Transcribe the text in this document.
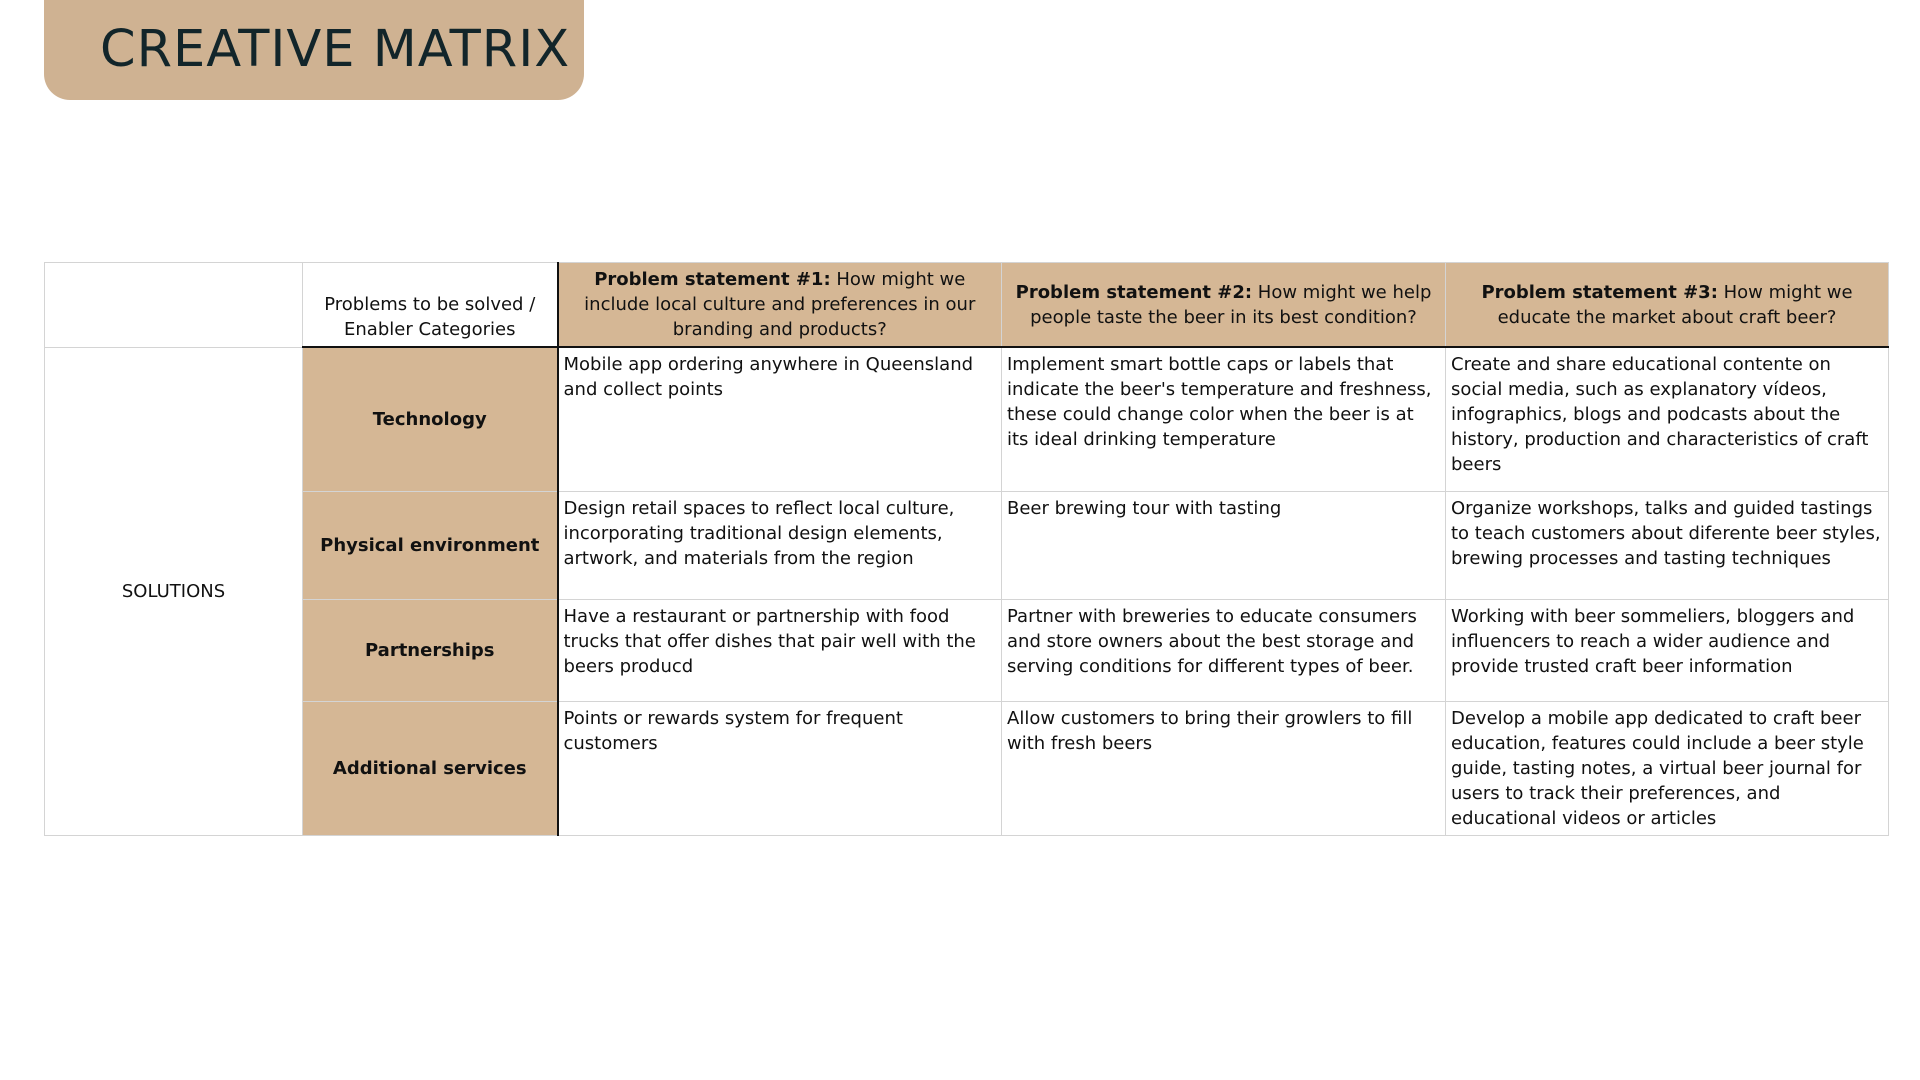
CREATIVE MATRIX
	Problems to be solved / Enabler Categories	Problem statement #1: How might we include local culture and preferences in our branding and products?	Problem statement #2: How might we help people taste the beer in its best condition?	Problem statement #3: How might we educate the market about craft beer?
SOLUTIONS	Technology	Mobile app ordering anywhere in Queensland and collect points	Implement smart bottle caps or labels that indicate the beer's temperature and freshness, these could change color when the beer is at its ideal drinking temperature	Create and share educational contente on social media, such as explanatory vídeos, infographics, blogs and podcasts about the history, production and characteristics of craft beers
	Physical environment	Design retail spaces to reflect local culture, incorporating traditional design elements, artwork, and materials from the region	Beer brewing tour with tasting	Organize workshops, talks and guided tastings to teach customers about diferente beer styles, brewing processes and tasting techniques
	Partnerships	Have a restaurant or partnership with food trucks that offer dishes that pair well with the beers producd	Partner with breweries to educate consumers and store owners about the best storage and serving conditions for different types of beer.	Working with beer sommeliers, bloggers and influencers to reach a wider audience and provide trusted craft beer information
	Additional services	Points or rewards system for frequent customers	Allow customers to bring their growlers to fill with fresh beers	Develop a mobile app dedicated to craft beer education, features could include a beer style guide, tasting notes, a virtual beer journal for users to track their preferences, and educational videos or articles
